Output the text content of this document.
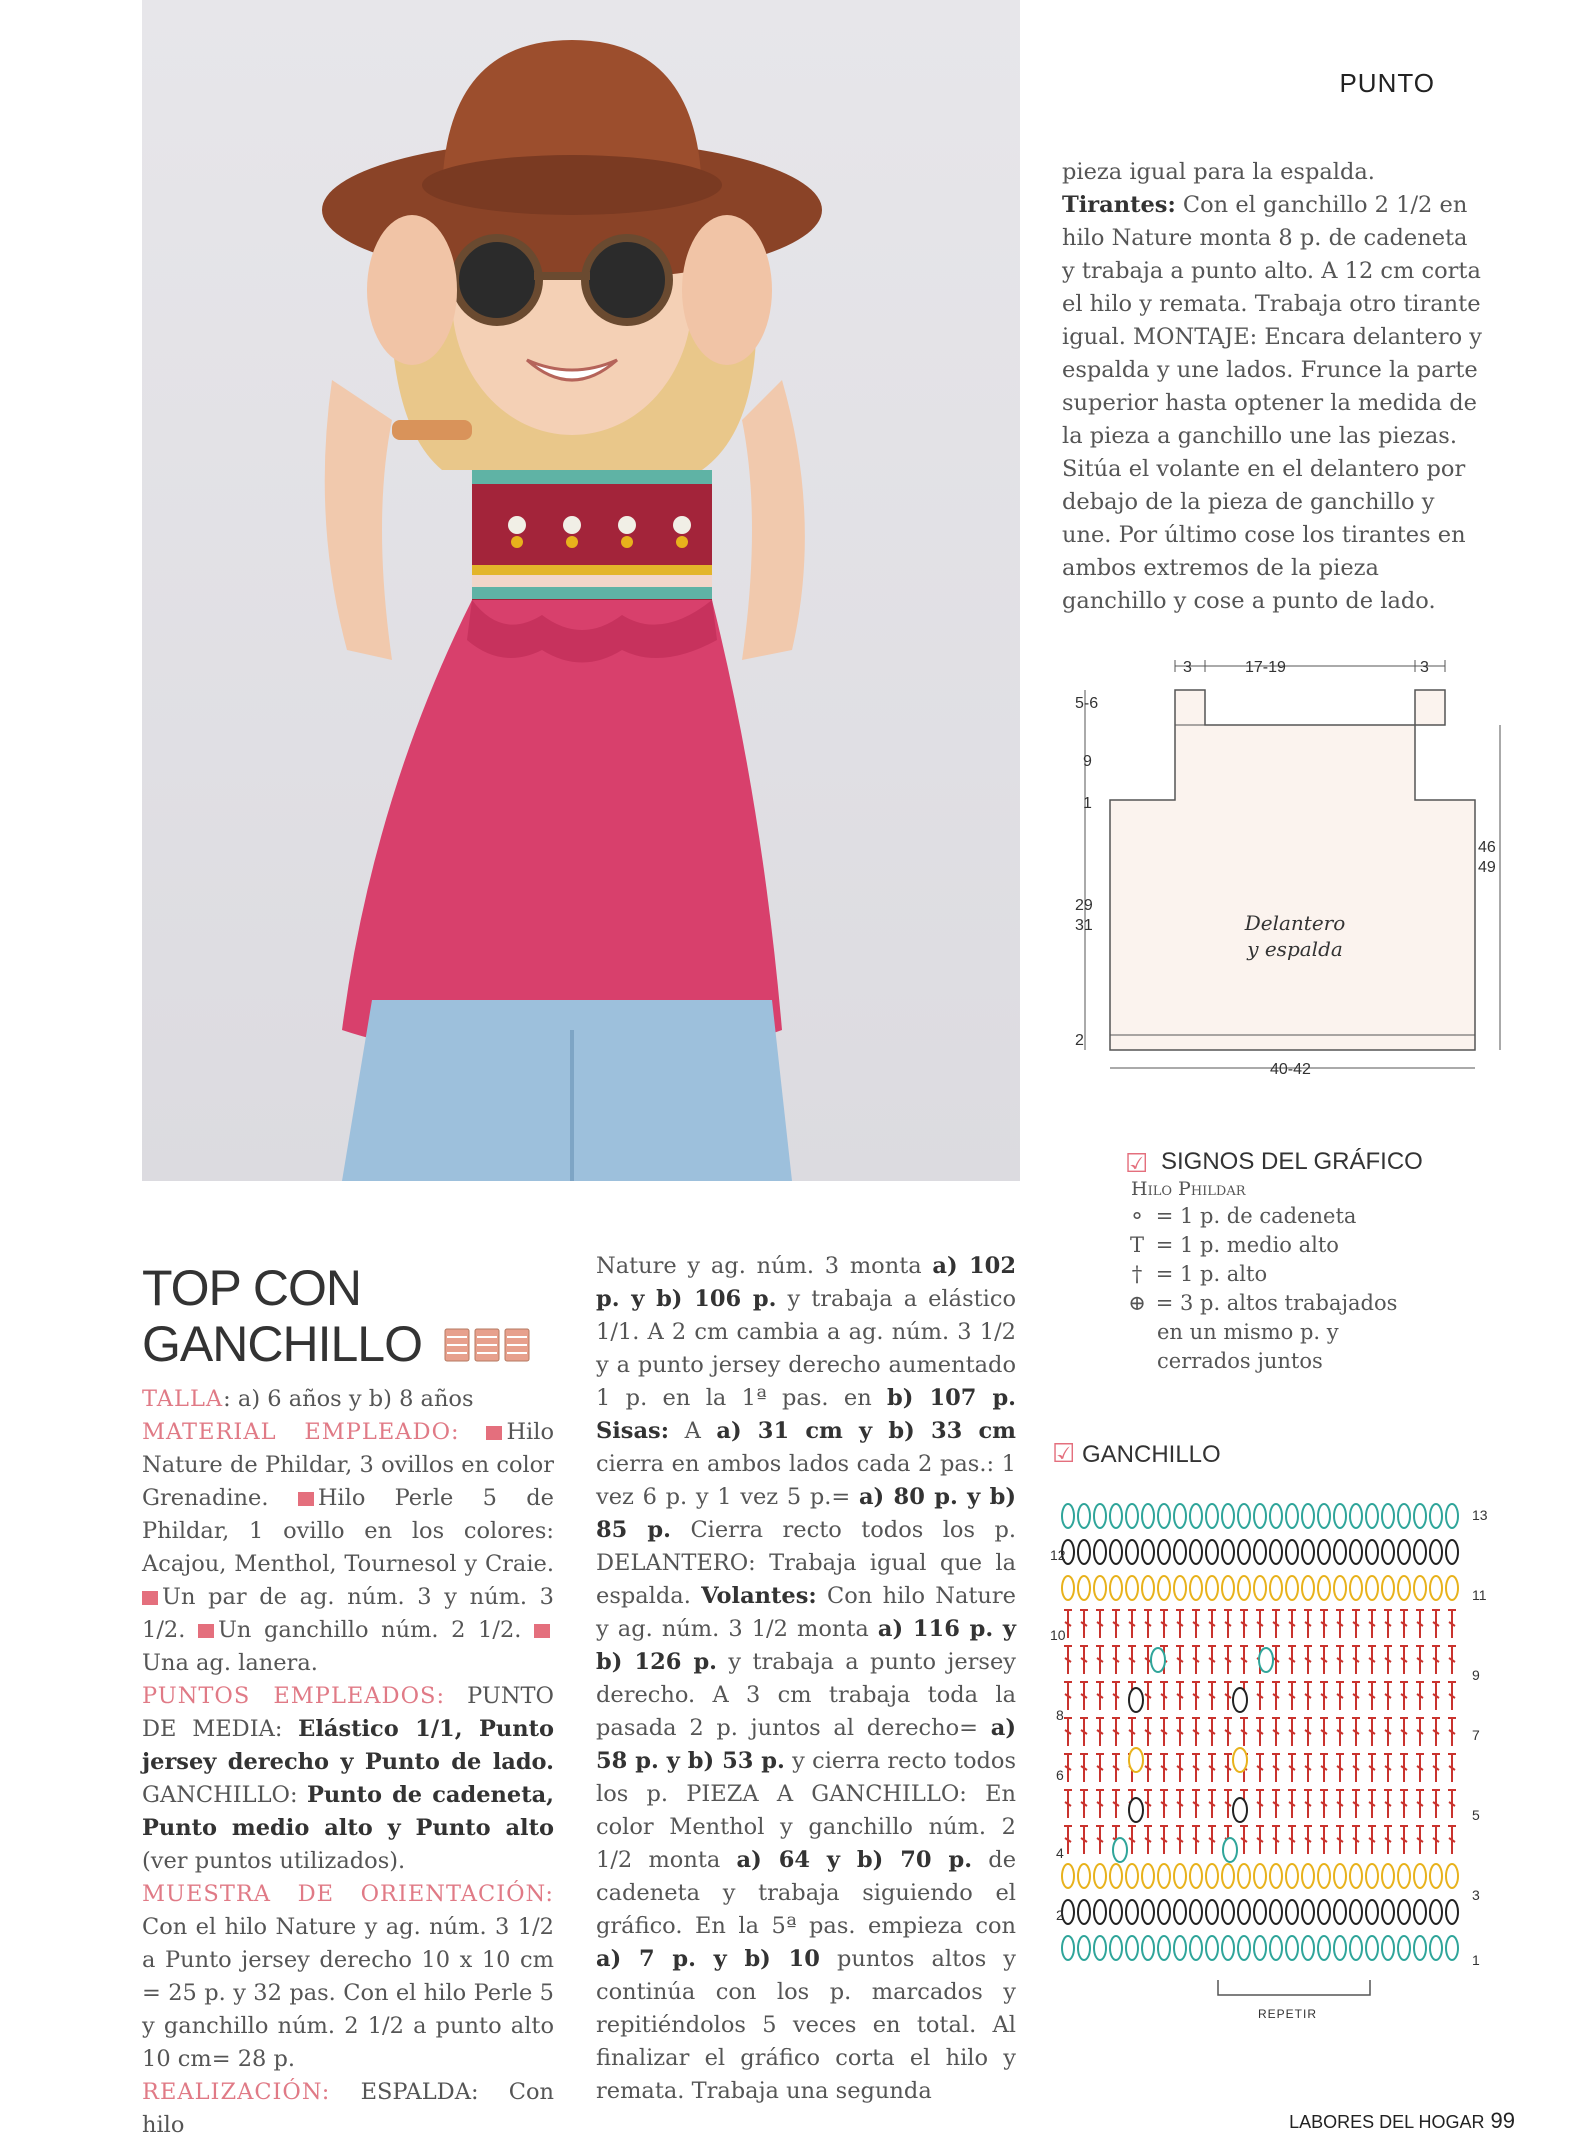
PUNTO

pieza igual para la espalda. Tirantes: Con el ganchillo 2 1/2 en hilo Nature monta 8 p. de cadeneta y trabaja a punto alto. A 12 cm corta el hilo y remata. Trabaja otro tirante igual. MONTAJE: Encara delantero y espalda y une lados. Frunce la parte superior hasta optener la medida de la pieza a ganchillo une las piezas. Sitúa el volante en el delantero por debajo de la pieza de ganchillo y une. Por último cose los tirantes en ambos extremos de la pieza ganchillo y cose a punto de lado.

3	17-19	3
5-6
9
1
29
31
2
46
49
Delantero
y espalda
40-42
☑ SIGNOS DEL GRÁFICO
Hilo Phildar
⚬ = 1 p. de cadeneta
T = 1 p. medio alto
† = 1 p. alto
⊕ = 3 p. altos trabajados
en un mismo p. y
cerrados juntos
☑ GANCHILLO
12
10
8
6
4
2
13
11
9
7
5
3
1
REPETIR
TOP CON
GANCHILLO

TALLA: a) 6 años y b) 8 años

MATERIAL EMPLEADO: Hilo Nature de Phildar, 3 ovillos en color Grenadine. Hilo Perle 5 de Phildar, 1 ovillo en los colores: Acajou, Menthol, Tournesol y Craie. Un par de ag. núm. 3 y núm. 3 1/2. Un ganchillo núm. 2 1/2. Una ag. lanera.

PUNTOS EMPLEADOS: PUNTO DE MEDIA: Elástico 1/1, Punto jersey derecho y Punto de lado. GANCHILLO: Punto de cadeneta, Punto medio alto y Punto alto (ver puntos utilizados).

MUESTRA DE ORIENTACIÓN: Con el hilo Nature y ag. núm. 3 1/2 a Punto jersey derecho 10 x 10 cm = 25 p. y 32 pas. Con el hilo Perle 5 y ganchillo núm. 2 1/2 a punto alto 10 cm= 28 p.

REALIZACIÓN: ESPALDA: Con hilo

Nature y ag. núm. 3 monta a) 102 p. y b) 106 p. y trabaja a elástico 1/1. A 2 cm cambia a ag. núm. 3 1/2 y a punto jersey derecho aumentado 1 p. en la 1ª pas. en b) 107 p. Sisas: A a) 31 cm y b) 33 cm cierra en ambos lados cada 2 pas.: 1 vez 6 p. y 1 vez 5 p.= a) 80 p. y b) 85 p. Cierra recto todos los p. DELANTERO: Trabaja igual que la espalda. Volantes: Con hilo Nature y ag. núm. 3 1/2 monta a) 116 p. y b) 126 p. y trabaja a punto jersey derecho. A 3 cm trabaja toda la pasada 2 p. juntos al derecho= a) 58 p. y b) 53 p. y cierra recto todos los p. PIEZA A GANCHILLO: En color Menthol y ganchillo núm. 2 1/2 monta a) 64 y b) 70 p. de cadeneta y trabaja siguiendo el gráfico. En la 5ª pas. empieza con a) 7 p. y b) 10 puntos altos y continúa con los p. marcados y repitiéndolos 5 veces en total. Al finalizar el gráfico corta el hilo y remata. Trabaja una segunda

LABORES DEL HOGAR 99
